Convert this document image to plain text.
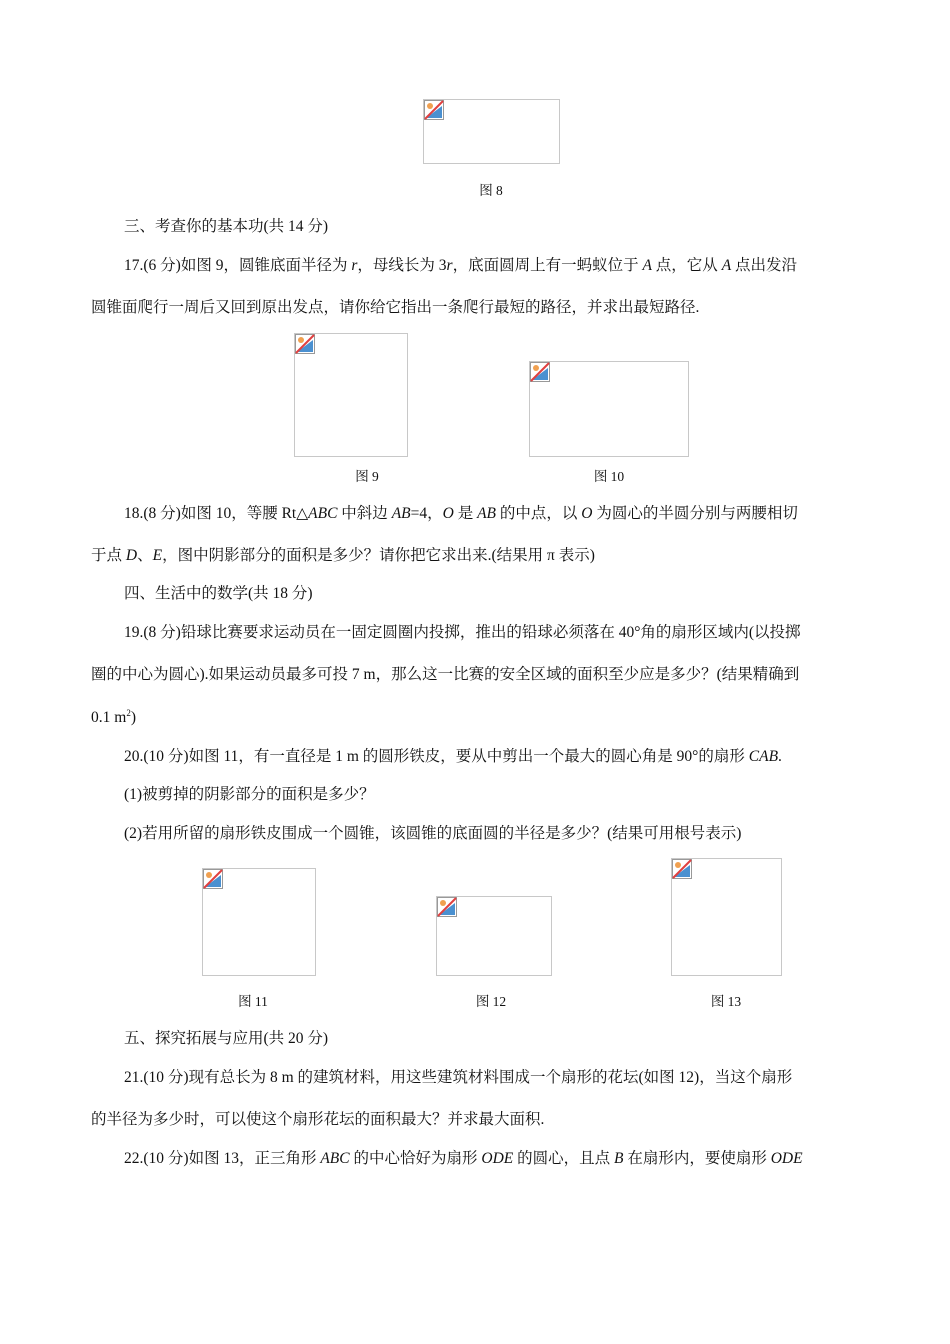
图 8
三、考查你的基本功(共 14 分)
17.(6 分)如图 9，圆锥底面半径为 r，母线长为 3r，底面圆周上有一蚂蚁位于 A 点，它从 A 点出发沿
圆锥面爬行一周后又回到原出发点，请你给它指出一条爬行最短的路径，并求出最短路径.
图 9	图 10
18.(8 分)如图 10，等腰 Rt△ABC 中斜边 AB=4，O 是 AB 的中点，以 O 为圆心的半圆分别与两腰相切
于点 D、E，图中阴影部分的面积是多少？请你把它求出来.(结果用 π 表示)
四、生活中的数学(共 18 分)
19.(8 分)铅球比赛要求运动员在一固定圆圈内投掷，推出的铅球必须落在 40°角的扇形区域内(以投掷
圈的中心为圆心).如果运动员最多可投 7 m，那么这一比赛的安全区域的面积至少应是多少？(结果精确到
0.1 $m^2$)
20.(10 分)如图 11，有一直径是 1 m 的圆形铁皮，要从中剪出一个最大的圆心角是 90°的扇形 CAB.
(1)被剪掉的阴影部分的面积是多少？
(2)若用所留的扇形铁皮围成一个圆锥，该圆锥的底面圆的半径是多少？(结果可用根号表示)
图 11	图 12	图 13
五、探究拓展与应用(共 20 分)
21.(10 分)现有总长为 8 m 的建筑材料，用这些建筑材料围成一个扇形的花坛(如图 12)，当这个扇形
的半径为多少时，可以使这个扇形花坛的面积最大？并求最大面积.
22.(10 分)如图 13，正三角形 ABC 的中心恰好为扇形 ODE 的圆心，且点 B 在扇形内，要使扇形 ODE
